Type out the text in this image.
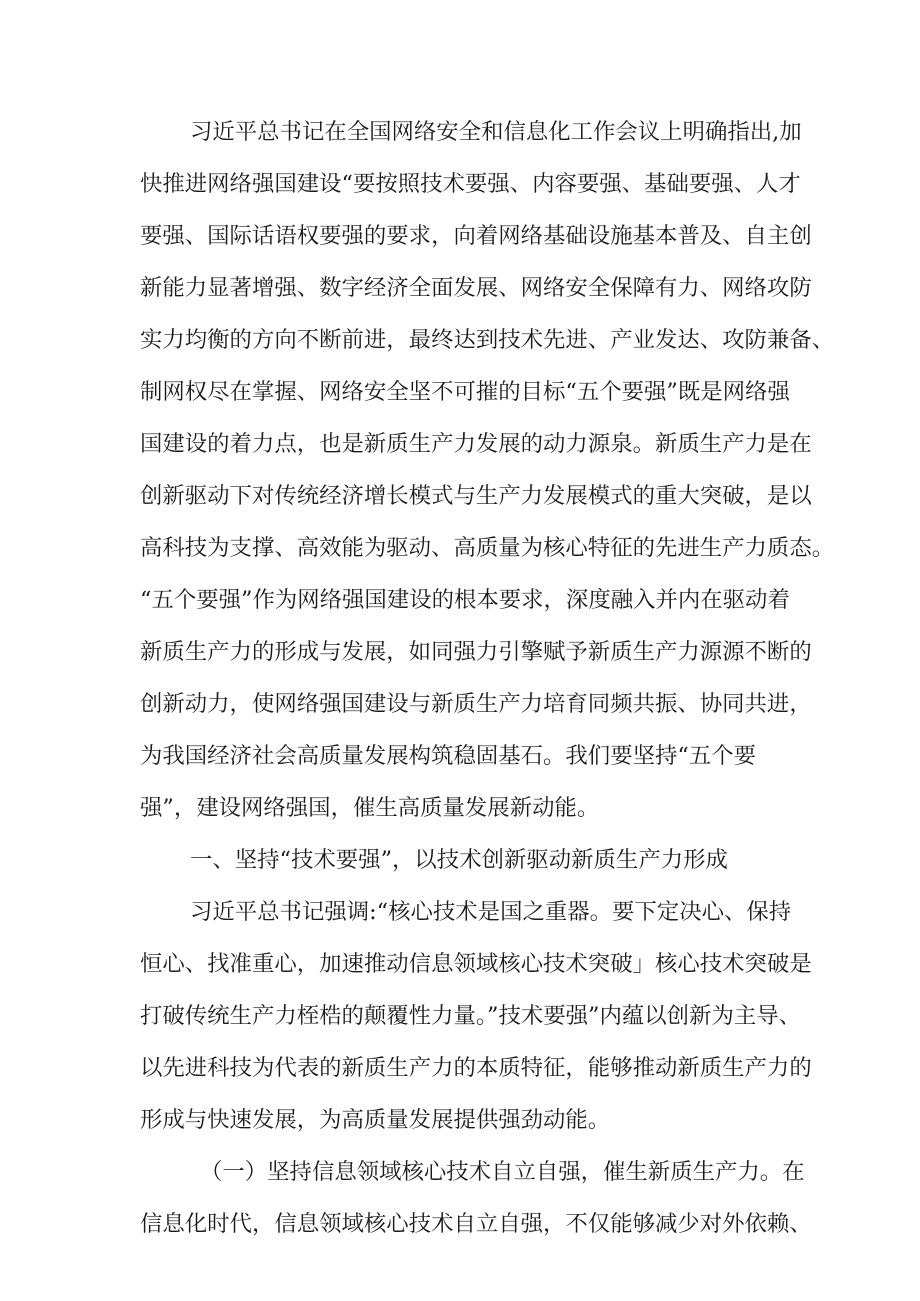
习近平总书记在全国网络安全和信息化工作会议上明确指出,加
快推进网络强国建设“要按照技术要强、内容要强、基础要强、人才
要强、国际话语权要强的要求，向着网络基础设施基本普及、自主创
新能力显著增强、数字经济全面发展、网络安全保障有力、网络攻防
实力均衡的方向不断前进，最终达到技术先进、产业发达、攻防兼备、
制网权尽在掌握、网络安全坚不可摧的目标“五个要强”既是网络强
国建设的着力点，也是新质生产力发展的动力源泉。新质生产力是在
创新驱动下对传统经济增长模式与生产力发展模式的重大突破，是以
高科技为支撑、高效能为驱动、高质量为核心特征的先进生产力质态。
“五个要强”作为网络强国建设的根本要求，深度融入并内在驱动着
新质生产力的形成与发展，如同强力引擎赋予新质生产力源源不断的
创新动力，使网络强国建设与新质生产力培育同频共振、协同共进，
为我国经济社会高质量发展构筑稳固基石。我们要坚持“五个要
强”，建设网络强国，催生高质量发展新动能。
一、坚持“技术要强”，以技术创新驱动新质生产力形成
习近平总书记强调:“核心技术是国之重器。要下定决心、保持
恒心、找准重心，加速推动信息领域核心技术突破」核心技术突破是
打破传统生产力桎梏的颠覆性力量。”技术要强”内蕴以创新为主导、
以先进科技为代表的新质生产力的本质特征，能够推动新质生产力的
形成与快速发展，为高质量发展提供强劲动能。
（一）坚持信息领域核心技术自立自强，催生新质生产力。在
信息化时代，信息领域核心技术自立自强，不仅能够减少对外依赖、
